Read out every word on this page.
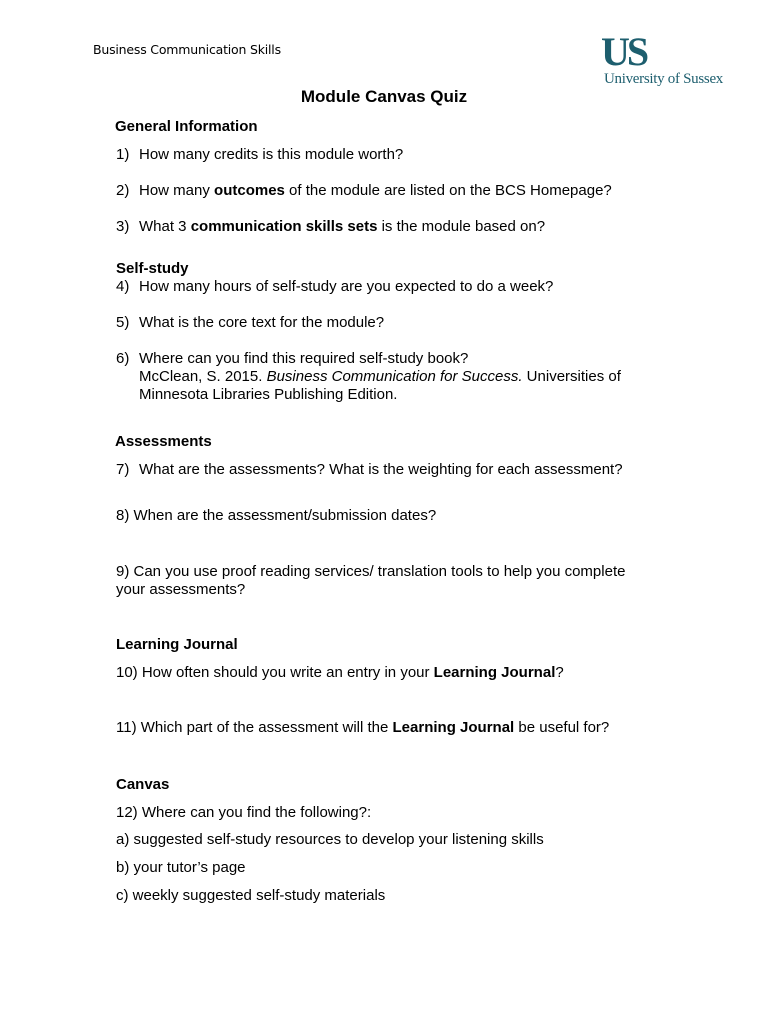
Business Communication Skills	US
University of Sussex
Module Canvas Quiz
General Information
1) How many credits is this module worth?
2) How many outcomes of the module are listed on the BCS Homepage?
3) What 3 communication skills sets is the module based on?
Self-study
4) How many hours of self-study are you expected to do a week?
5) What is the core text for the module?
6) Where can you find this required self-study book?
McClean, S. 2015. Business Communication for Success. Universities of
Minnesota Libraries Publishing Edition.
Assessments
7) What are the assessments? What is the weighting for each assessment?
8) When are the assessment/submission dates?
9) Can you use proof reading services/ translation tools to help you complete
your assessments?
Learning Journal
10) How often should you write an entry in your Learning Journal?
11) Which part of the assessment will the Learning Journal be useful for?
Canvas
12) Where can you find the following?:
a) suggested self-study resources to develop your listening skills
b) your tutor’s page
c) weekly suggested self-study materials
